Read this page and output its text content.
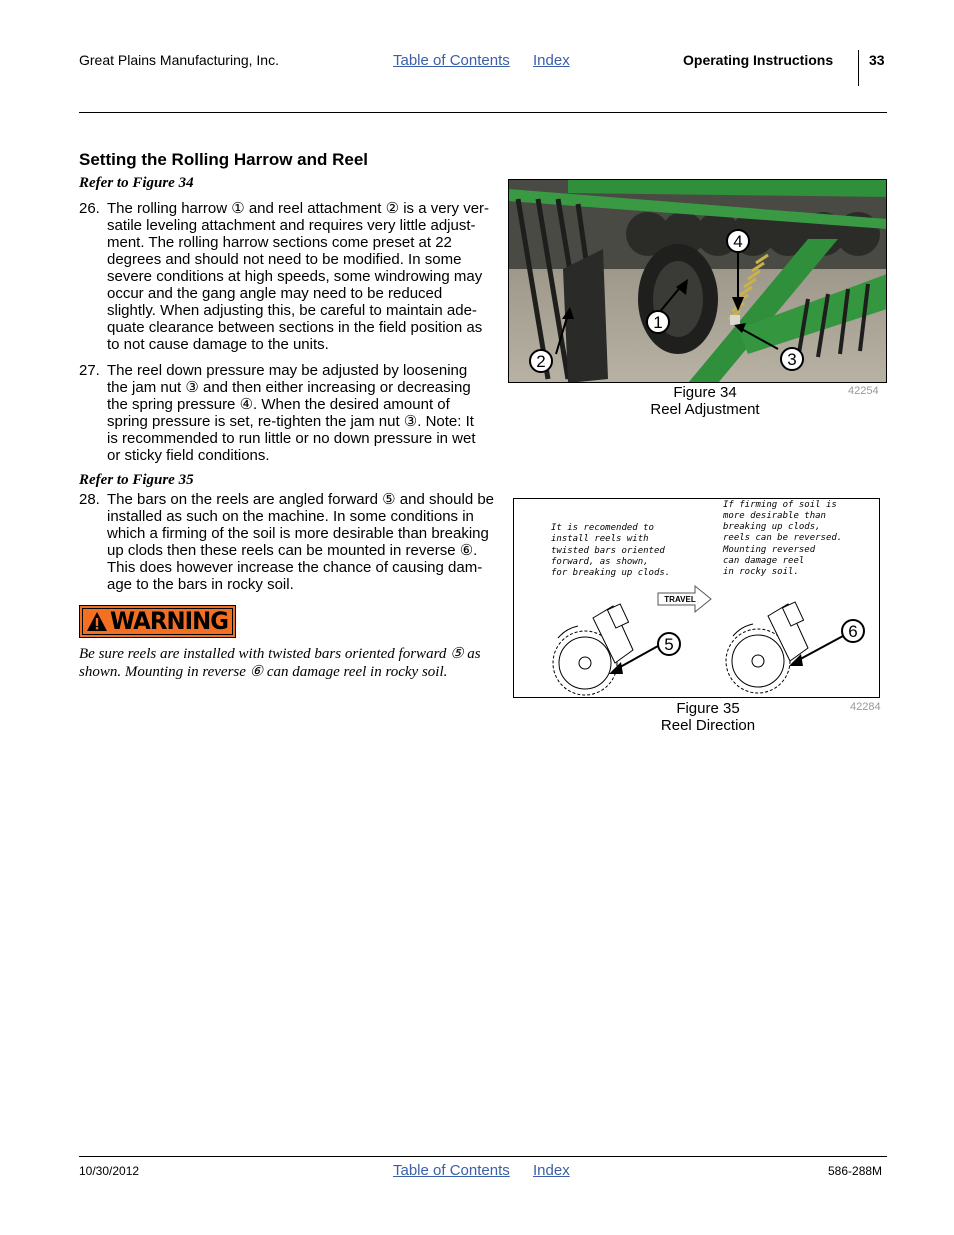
Great Plains Manufacturing, Inc.	Table of Contents Index	Operating Instructions	33
Setting the Rolling Harrow and Reel
Refer to Figure 34
26. The rolling harrow ① and reel attachment ② is a very ver-
satile leveling attachment and requires very little adjust-
ment. The rolling harrow sections come preset at 22
degrees and should not need to be modified. In some
severe conditions at high speeds, some windrowing may
occur and the gang angle may need to be reduced
slightly. When adjusting this, be careful to maintain ade-
quate clearance between sections in the field position as
to not cause damage to the units.
27. The reel down pressure may be adjusted by loosening
the jam nut ③ and then either increasing or decreasing
the spring pressure ④. When the desired amount of
spring pressure is set, re-tighten the jam nut ③. Note: It
is recommended to run little or no down pressure in wet
or sticky field conditions.
Refer to Figure 35
28. The bars on the reels are angled forward ⑤ and should be
installed as such on the machine. In some conditions in
which a firming of the soil is more desirable than breaking
up clods then these reels can be mounted in reverse ⑥.
This does however increase the chance of causing dam-
age to the bars in rocky soil.
WARNING
Be sure reels are installed with twisted bars oriented forward ⑤ as
shown. Mounting in reverse ⑥ can damage reel in rocky soil.
4
1
2	3
Figure 34
Reel Adjustment
42254
It is recomended to
install reels with
twisted bars oriented
forward, as shown,
for breaking up clods.
If firming of soil is
more desirable than
breaking up clods,
reels can be reversed.
Mounting reversed
can damage reel
in rocky soil.
TRAVEL
5
6
Figure 35
Reel Direction
42284
10/30/2012	Table of Contents Index	586-288M
